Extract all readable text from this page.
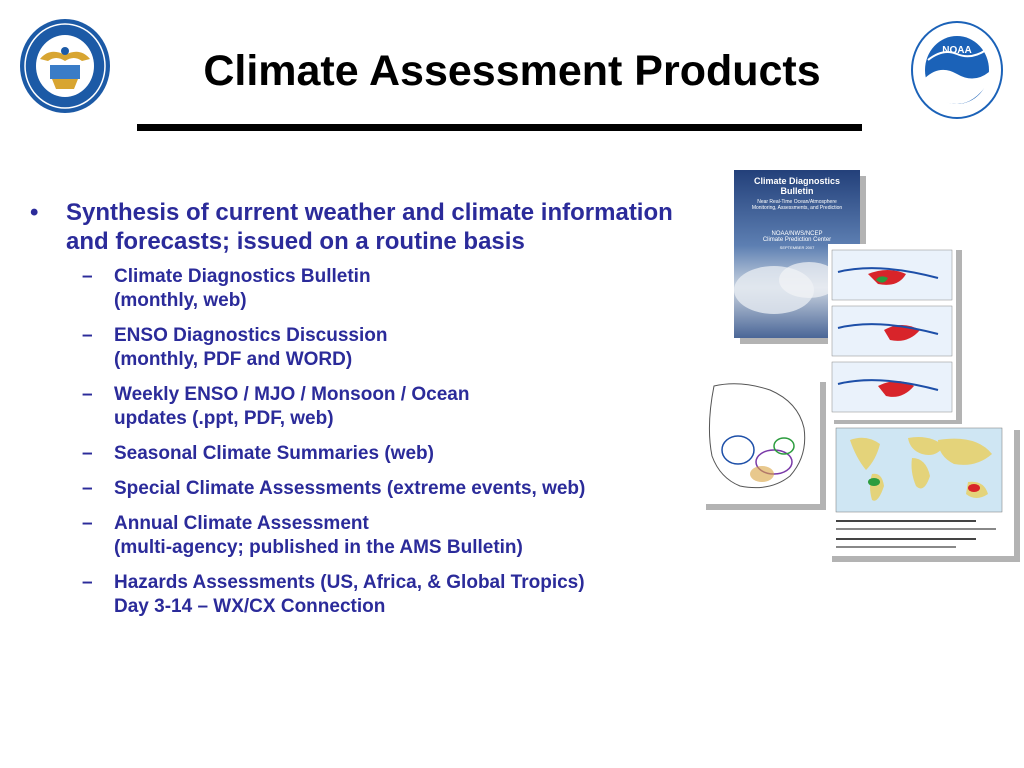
Climate Assessment Products	NOAA
• Synthesis of current weather and climate information and forecasts; issued on a routine basis
– Climate Diagnostics Bulletin
(monthly, web)
– ENSO Diagnostics Discussion
(monthly, PDF and WORD)
– Weekly ENSO / MJO / Monsoon / Ocean
updates (.ppt, PDF, web)
– Seasonal Climate Summaries (web)
– Special Climate Assessments (extreme events, web)
– Annual Climate Assessment
(multi-agency; published in the AMS Bulletin)
– Hazards Assessments (US, Africa, & Global Tropics)
Day 3-14 – WX/CX Connection
Climate Diagnostics Bulletin
Near Real-Time Ocean/Atmosphere
Monitoring, Assessments, and Prediction
NOAA/NWS/NCEP
Climate Prediction Center
SEPTEMBER 2007
